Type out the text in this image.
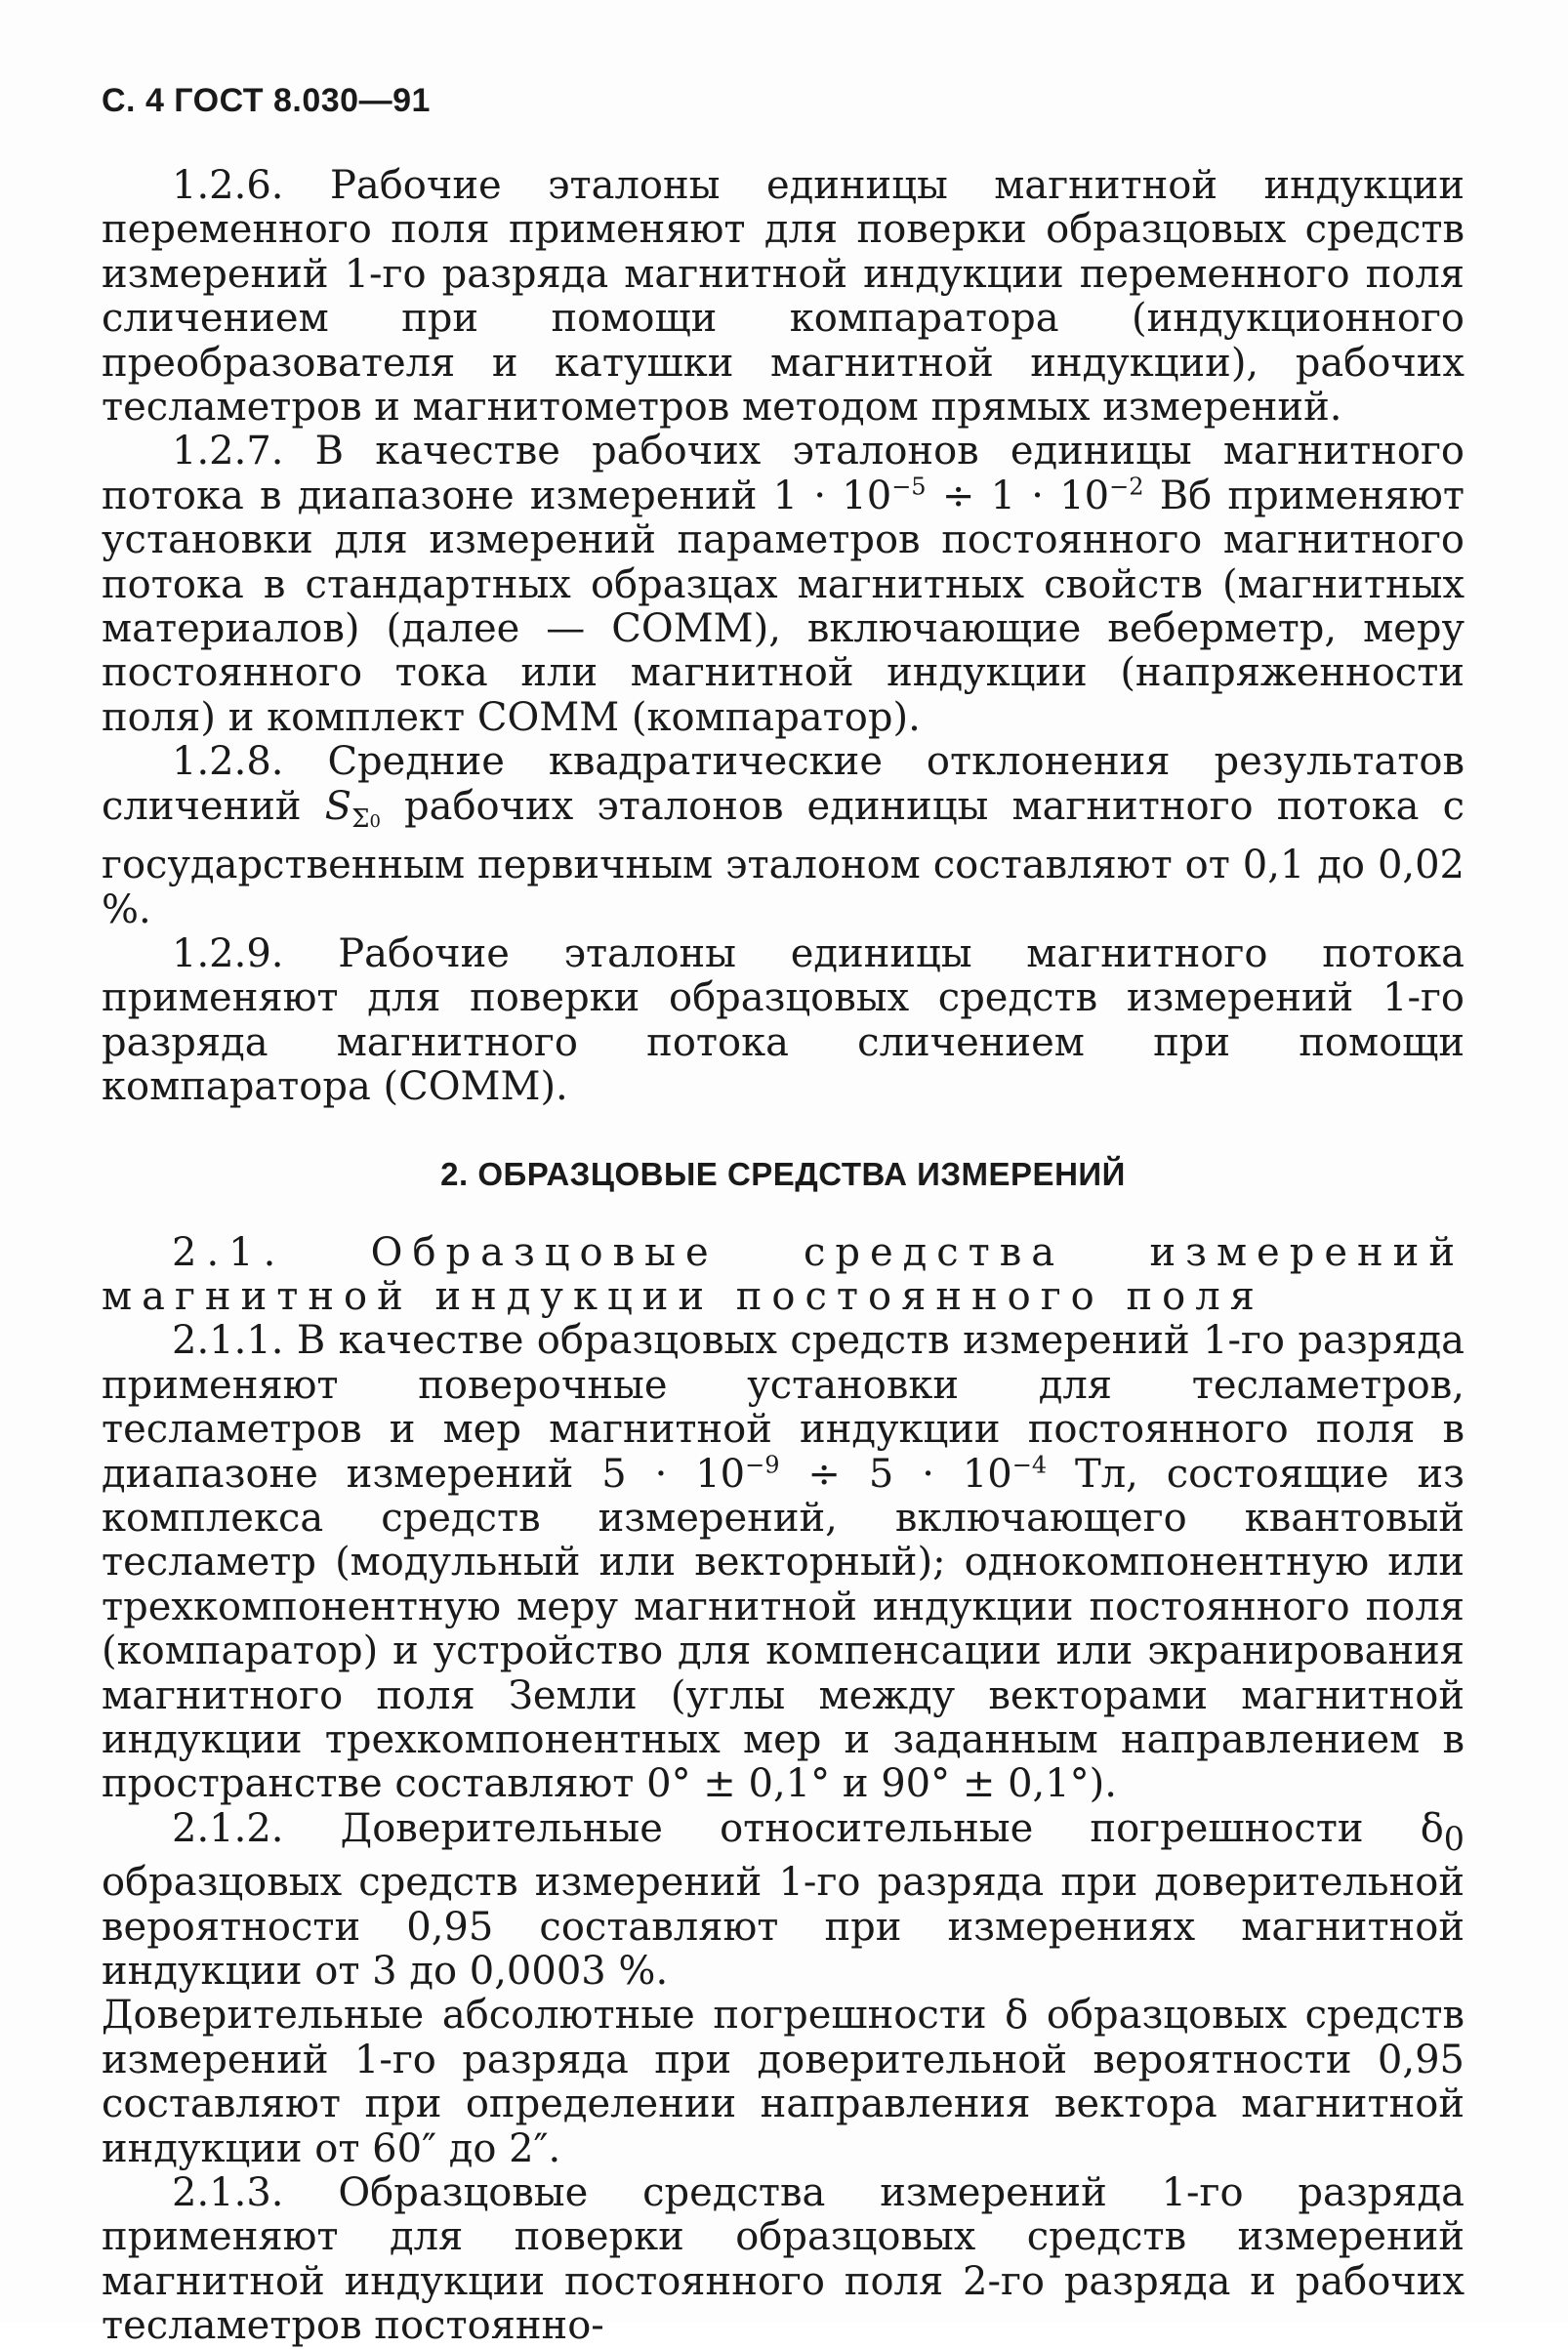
С. 4 ГОСТ 8.030—91

1.2.6. Рабочие эталоны единицы магнитной индукции переменного поля применяют для поверки образцовых средств измерений 1-го разряда магнитной индукции переменного поля сличением при помощи компаратора (индукционного преобразователя и катушки магнитной индукции), рабочих тесламетров и магнитометров методом прямых измерений.

1.2.7. В качестве рабочих эталонов единицы магнитного потока в диапазоне измерений $1 \cdot 10^{-5} \div 1 \cdot 10^{-2}$ Вб применяют установки для измерений параметров постоянного магнитного потока в стандартных образцах магнитных свойств (магнитных материалов) (далее — СОММ), включающие веберметр, меру постоянного тока или магнитной индукции (напряженности поля) и комплект СОММ (компаратор).

1.2.8. Средние квадратические отклонения результатов сличений $S_{\Sigma 0}$ рабочих эталонов единицы магнитного потока с государственным первичным эталоном составляют от 0,1 до 0,02 %.

1.2.9. Рабочие эталоны единицы магнитного потока применяют для поверки образцовых средств измерений 1-го разряда магнитного потока сличением при помощи компаратора (СОММ).

2. ОБРАЗЦОВЫЕ СРЕДСТВА ИЗМЕРЕНИЙ

2.1. Образцовые средства измерений магнитной индукции постоянного поля

2.1.1. В качестве образцовых средств измерений 1-го разряда применяют поверочные установки для тесламетров, тесламетров и мер магнитной индукции постоянного поля в диапазоне измерений $5 \cdot 10^{-9} \div 5 \cdot 10^{-4}$ Тл, состоящие из комплекса средств измерений, включающего квантовый тесламетр (модульный или векторный); однокомпонентную или трехкомпонентную меру магнитной индукции постоянного поля (компаратор) и устройство для компенсации или экранирования магнитного поля Земли (углы между векторами магнитной индукции трехкомпонентных мер и заданным направлением в пространстве составляют 0° ± 0,1° и 90° ± 0,1°).

2.1.2. Доверительные относительные погрешности $\delta_0$ образцовых средств измерений 1-го разряда при доверительной вероятности 0,95 составляют при измерениях магнитной индукции от 3 до 0,0003 %.

Доверительные абсолютные погрешности δ образцовых средств измерений 1-го разряда при доверительной вероятности 0,95 составляют при определении направления вектора магнитной индукции от 60″ до 2″.

2.1.3. Образцовые средства измерений 1-го разряда применяют для поверки образцовых средств измерений магнитной индукции постоянного поля 2-го разряда и рабочих тесламетров постоянно-
